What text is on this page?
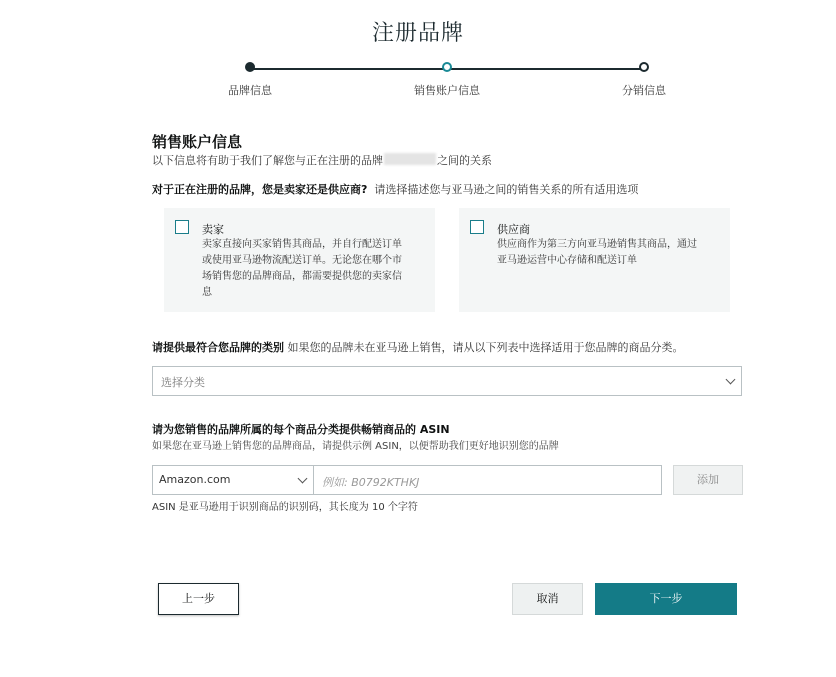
注册品牌
品牌信息	销售账户信息	分销信息
销售账户信息
以下信息将有助于我们了解您与正在注册的品牌	之间的关系
对于正在注册的品牌，您是卖家还是供应商? 请选择描述您与亚马逊之间的销售关系的所有适用选项
卖家
卖家直接向买家销售其商品，并自行配送订单
或使用亚马逊物流配送订单。无论您在哪个市
场销售您的品牌商品，都需要提供您的卖家信
息
供应商
供应商作为第三方向亚马逊销售其商品，通过
亚马逊运营中心存储和配送订单
请提供最符合您品牌的类别 如果您的品牌未在亚马逊上销售，请从以下列表中选择适用于您品牌的商品分类。
选择分类
请为您销售的品牌所属的每个商品分类提供畅销商品的 ASIN
如果您在亚马逊上销售您的品牌商品，请提供示例 ASIN，以便帮助我们更好地识别您的品牌
Amazon.com	例如: B0792KTHKJ	添加
ASIN 是亚马逊用于识别商品的识别码，其长度为 10 个字符
上一步	取消	下一步
